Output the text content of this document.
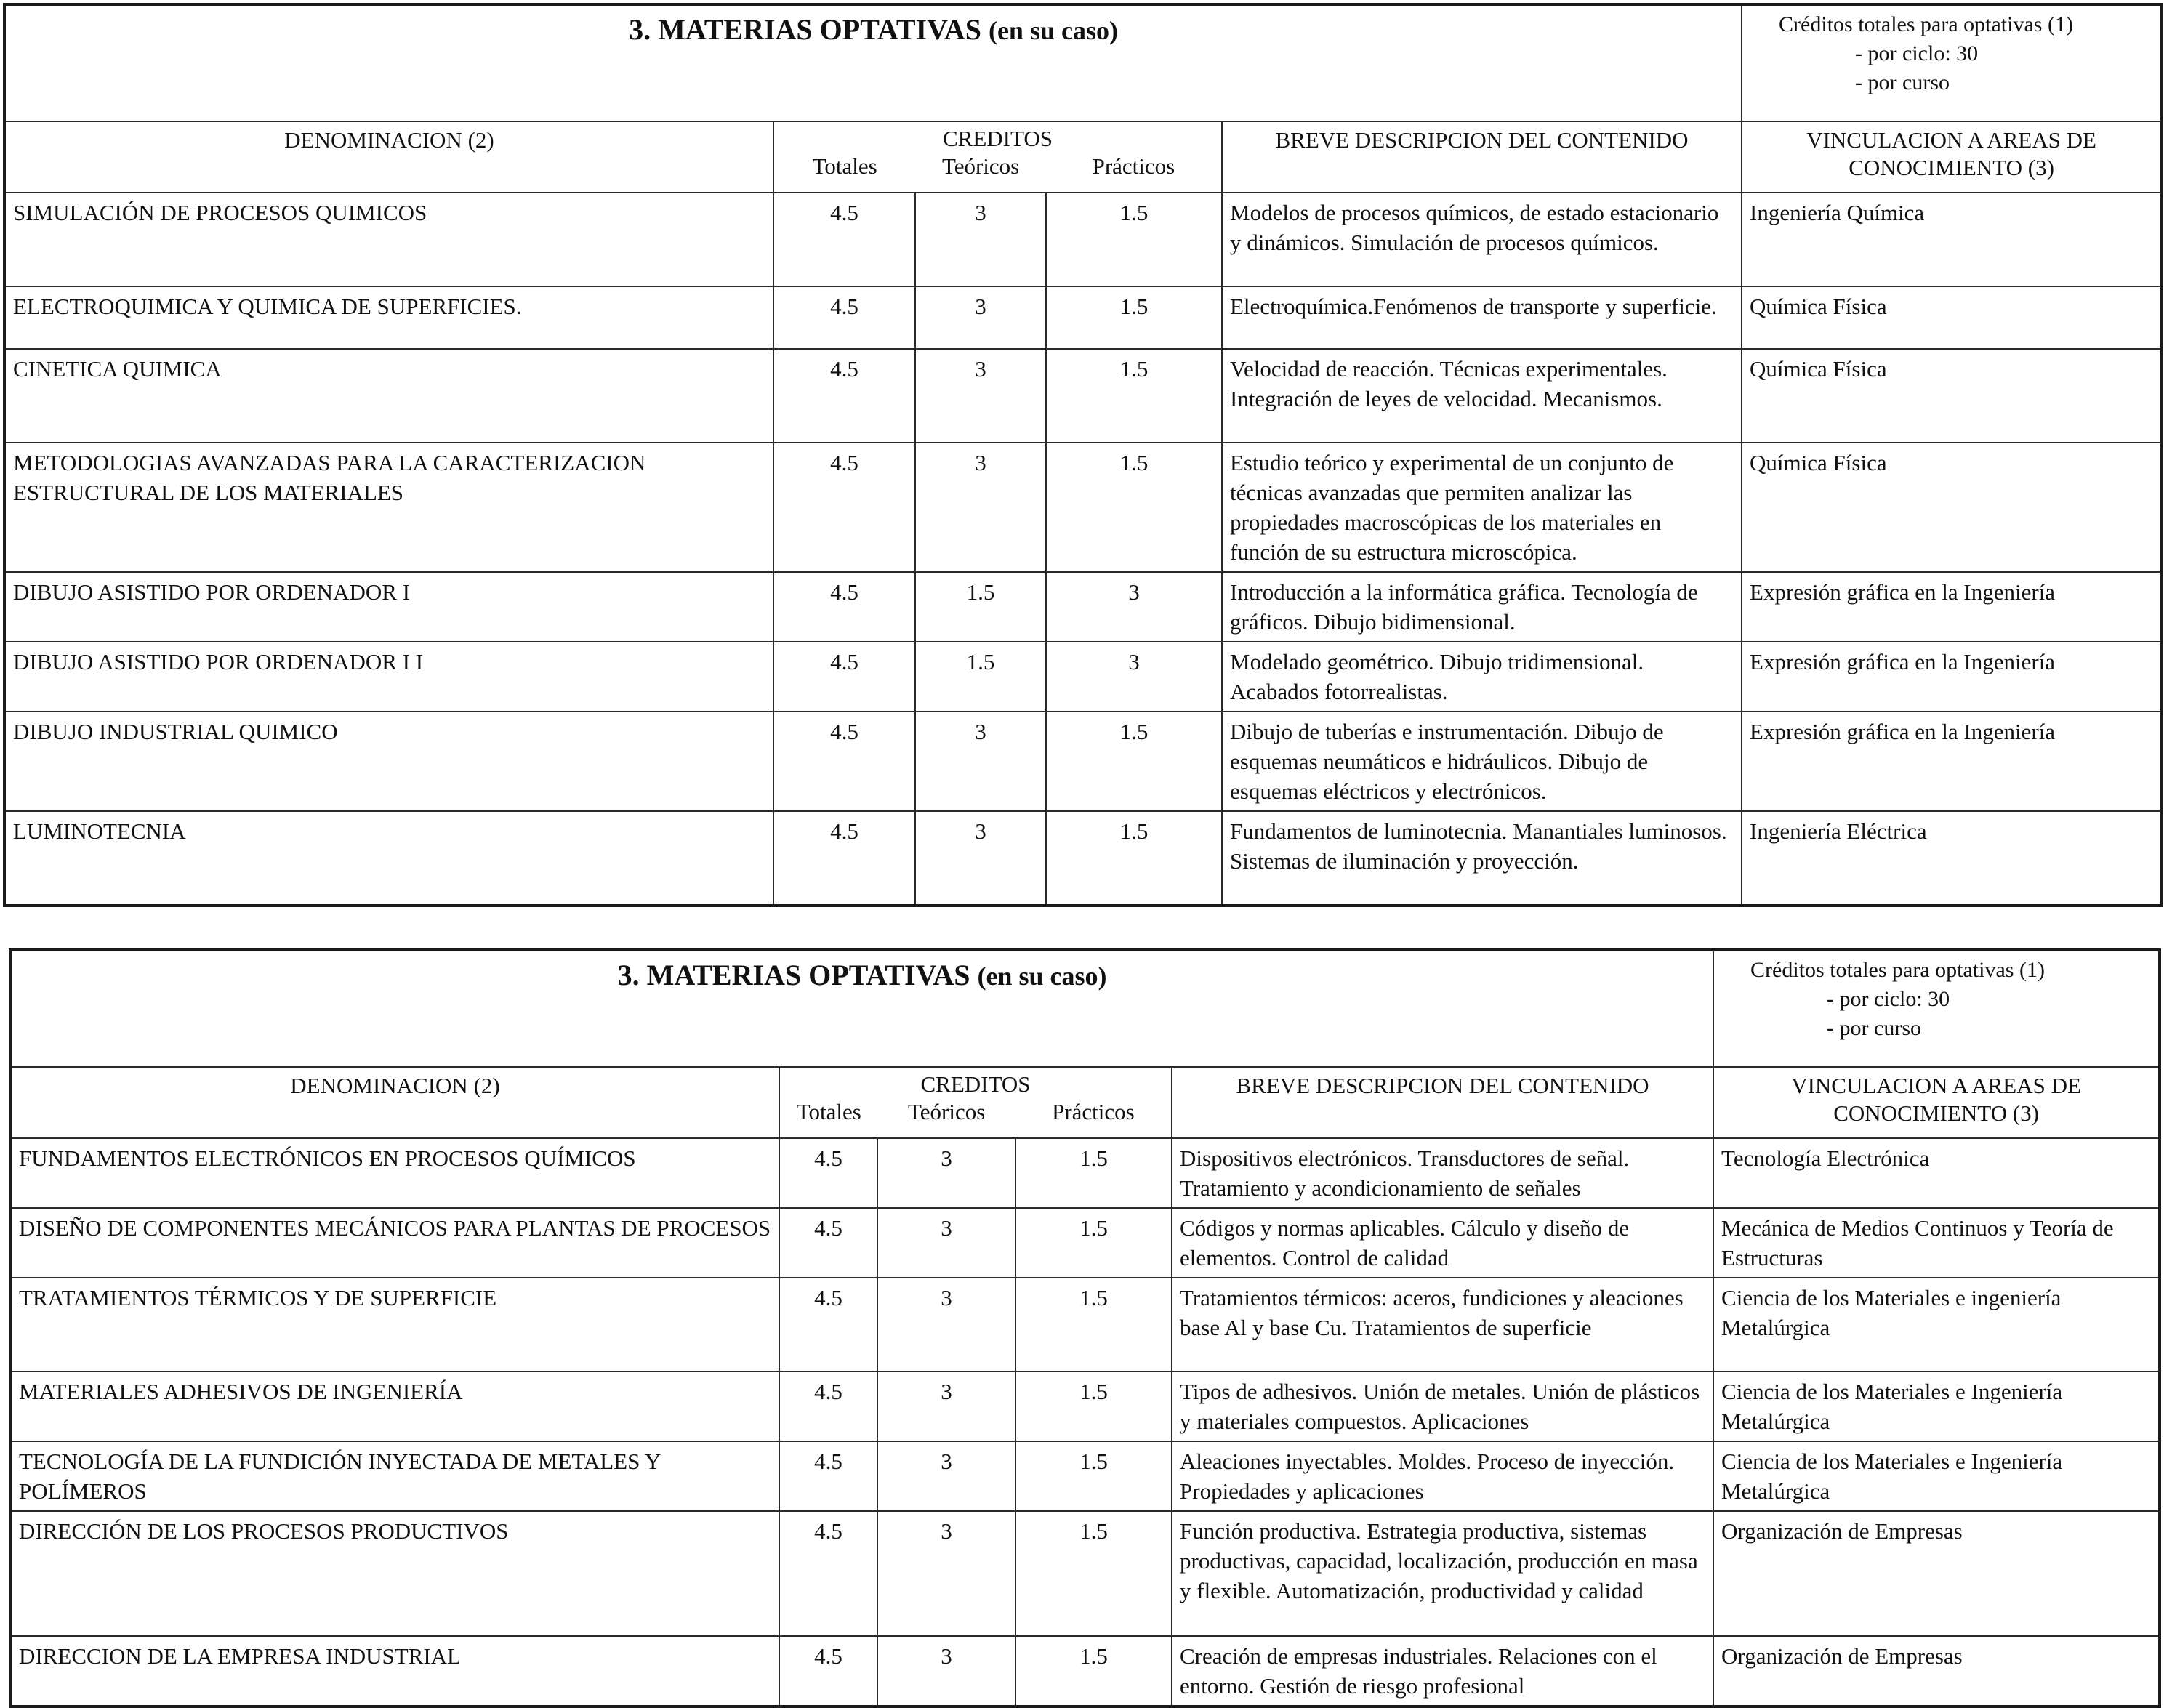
3. MATERIAS OPTATIVAS (en su caso)					Créditos totales para optativas (1)
- por ciclo: 30
- por curso

DENOMINACION (2)	CREDITOS
Totales Teóricos Prácticos			BREVE DESCRIPCION DEL CONTENIDO	VINCULACION A AREAS DE CONOCIMIENTO (3)
SIMULACIÓN DE PROCESOS QUIMICOS	4.5	3	1.5	Modelos de procesos químicos, de estado estacionario y dinámicos. Simulación de procesos químicos.	Ingeniería Química
ELECTROQUIMICA Y QUIMICA DE SUPERFICIES.	4.5	3	1.5	Electroquímica.Fenómenos de transporte y superficie.	Química Física
CINETICA QUIMICA	4.5	3	1.5	Velocidad de reacción. Técnicas experimentales. Integración de leyes de velocidad. Mecanismos.	Química Física
METODOLOGIAS AVANZADAS PARA LA CARACTERIZACION ESTRUCTURAL DE LOS MATERIALES	4.5	3	1.5	Estudio teórico y experimental de un conjunto de técnicas avanzadas que permiten analizar las propiedades macroscópicas de los materiales en función de su estructura microscópica.	Química Física
DIBUJO ASISTIDO POR ORDENADOR I	4.5	1.5	3	Introducción a la informática gráfica. Tecnología de gráficos. Dibujo bidimensional.	Expresión gráfica en la Ingeniería
DIBUJO ASISTIDO POR ORDENADOR I I	4.5	1.5	3	Modelado geométrico. Dibujo tridimensional. Acabados fotorrealistas.	Expresión gráfica en la Ingeniería
DIBUJO INDUSTRIAL QUIMICO	4.5	3	1.5	Dibujo de tuberías e instrumentación. Dibujo de esquemas neumáticos e hidráulicos. Dibujo de esquemas eléctricos y electrónicos.	Expresión gráfica en la Ingeniería
LUMINOTECNIA	4.5	3	1.5	Fundamentos de luminotecnia. Manantiales luminosos. Sistemas de iluminación y proyección.	Ingeniería Eléctrica
3. MATERIAS OPTATIVAS (en su caso)					Créditos totales para optativas (1)
- por ciclo: 30
- por curso

DENOMINACION (2)	CREDITOS
Totales Teóricos Prácticos			BREVE DESCRIPCION DEL CONTENIDO	VINCULACION A AREAS DE CONOCIMIENTO (3)
FUNDAMENTOS ELECTRÓNICOS EN PROCESOS QUÍMICOS	4.5	3	1.5	Dispositivos electrónicos. Transductores de señal. Tratamiento y acondicionamiento de señales	Tecnología Electrónica
DISEÑO DE COMPONENTES MECÁNICOS PARA PLANTAS DE PROCESOS	4.5	3	1.5	Códigos y normas aplicables. Cálculo y diseño de elementos. Control de calidad	Mecánica de Medios Continuos y Teoría de Estructuras
TRATAMIENTOS TÉRMICOS Y DE SUPERFICIE	4.5	3	1.5	Tratamientos térmicos: aceros, fundiciones y aleaciones base Al y base Cu. Tratamientos de superficie	Ciencia de los Materiales e ingeniería Metalúrgica
MATERIALES ADHESIVOS DE INGENIERÍA	4.5	3	1.5	Tipos de adhesivos. Unión de metales. Unión de plásticos y materiales compuestos. Aplicaciones	Ciencia de los Materiales e Ingeniería Metalúrgica
TECNOLOGÍA DE LA FUNDICIÓN INYECTADA DE METALES Y POLÍMEROS	4.5	3	1.5	Aleaciones inyectables. Moldes. Proceso de inyección. Propiedades y aplicaciones	Ciencia de los Materiales e Ingeniería Metalúrgica
DIRECCIÓN DE LOS PROCESOS PRODUCTIVOS	4.5	3	1.5	Función productiva. Estrategia productiva, sistemas productivas, capacidad, localización, producción en masa y flexible. Automatización, productividad y calidad	Organización de Empresas
DIRECCION DE LA EMPRESA INDUSTRIAL	4.5	3	1.5	Creación de empresas industriales. Relaciones con el entorno. Gestión de riesgo profesional	Organización de Empresas
